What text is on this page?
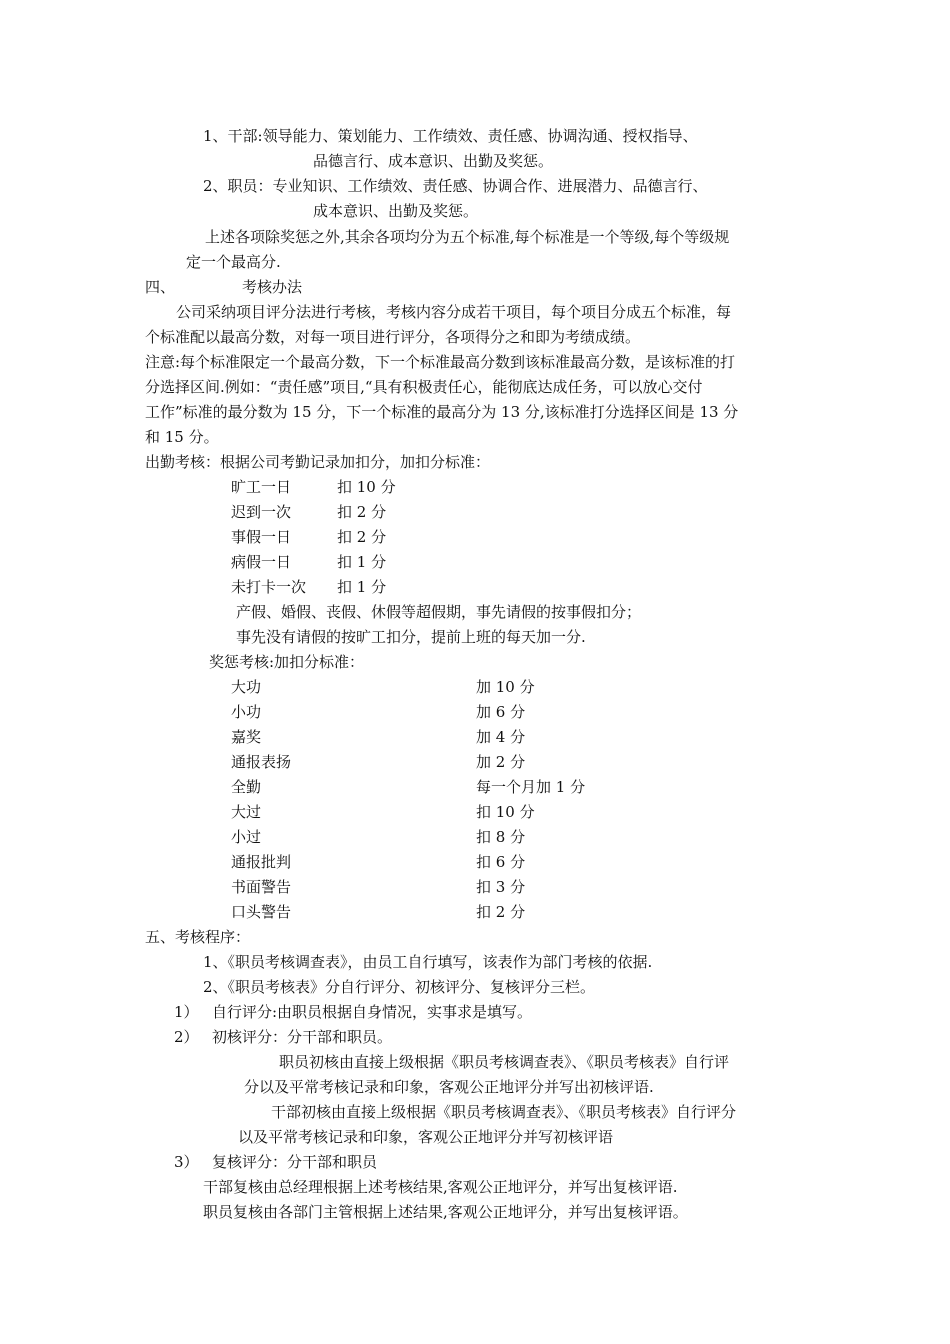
1、干部:领导能力、策划能力、工作绩效、责任感、协调沟通、授权指导、
品德言行、成本意识、出勤及奖惩。
2、职员：专业知识、工作绩效、责任感、协调合作、进展潜力、品德言行、
成本意识、出勤及奖惩。
上述各项除奖惩之外,其余各项均分为五个标准,每个标准是一个等级,每个等级规
定一个最高分.
四、	考核办法
公司采纳项目评分法进行考核，考核内容分成若干项目，每个项目分成五个标准，每
个标准配以最高分数，对每一项目进行评分，各项得分之和即为考绩成绩。
注意:每个标准限定一个最高分数，下一个标准最高分数到该标准最高分数，是该标准的打
分选择区间.例如：“责任感”项目,“具有积极责任心，能彻底达成任务，可以放心交付
工作”标准的最分数为 15 分，下一个标准的最高分为 13 分,该标准打分选择区间是 13 分
和 15 分。
出勤考核：根据公司考勤记录加扣分，加扣分标准：
旷工一日	扣 10 分
迟到一次	扣 2 分
事假一日	扣 2 分
病假一日	扣 1 分
未打卡一次 扣 1 分
产假、婚假、丧假、休假等超假期，事先请假的按事假扣分；
事先没有请假的按旷工扣分，提前上班的每天加一分.
奖惩考核:加扣分标准：
大功	加 10 分
小功	加 6 分
嘉奖	加 4 分
通报表扬	加 2 分
全勤	每一个月加 1 分
大过	扣 10 分
小过	扣 8 分
通报批判	扣 6 分
书面警告	扣 3 分
口头警告	扣 2 分
五、考核程序：
1、《职员考核调查表》，由员工自行填写，该表作为部门考核的依据.
2、《职员考核表》分自行评分、初核评分、复核评分三栏。
1） 自行评分:由职员根据自身情况，实事求是填写。
2） 初核评分：分干部和职员。
职员初核由直接上级根据《职员考核调查表》、《职员考核表》自行评
分以及平常考核记录和印象，客观公正地评分并写出初核评语.
干部初核由直接上级根据《职员考核调查表》、《职员考核表》自行评分
以及平常考核记录和印象，客观公正地评分并写初核评语
3） 复核评分：分干部和职员
干部复核由总经理根据上述考核结果,客观公正地评分，并写出复核评语.
职员复核由各部门主管根据上述结果,客观公正地评分，并写出复核评语。
